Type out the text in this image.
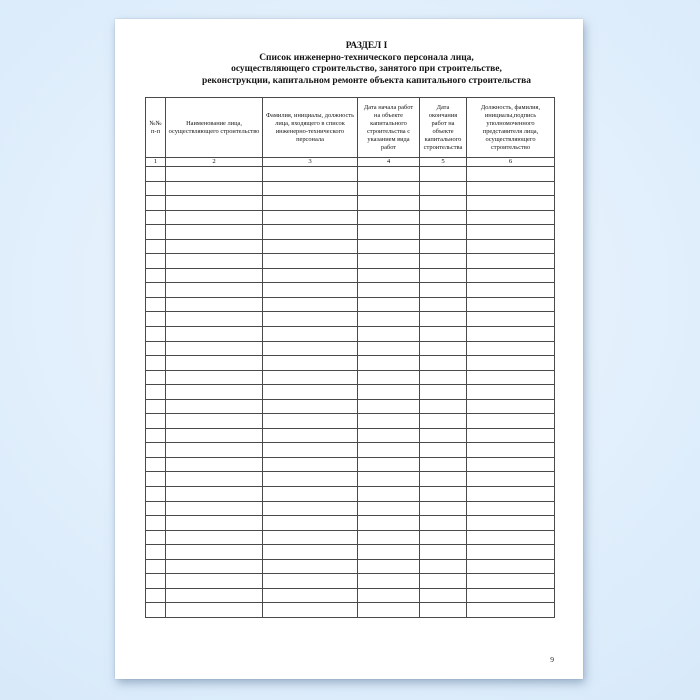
РАЗДЕЛ I
Список инженерно-технического персонала лица,
осуществляющего строительство, занятого при строительстве,
реконструкции, капитальном ремонте объекта капитального строительства
№№ п-п	Наименование лица, осуществляющего строительство	Фамилия, инициалы, должность лица, входящего в список инженерно-технического персонала	Дата начала работ на объекте капитального строительства с указанием вида работ	Дата окончания работ на объекте капитального строительства	Должность, фамилия, инициалы,подпись уполномоченного представителя лица, осуществляющего строительство
1	2	3	4	5	6

9
